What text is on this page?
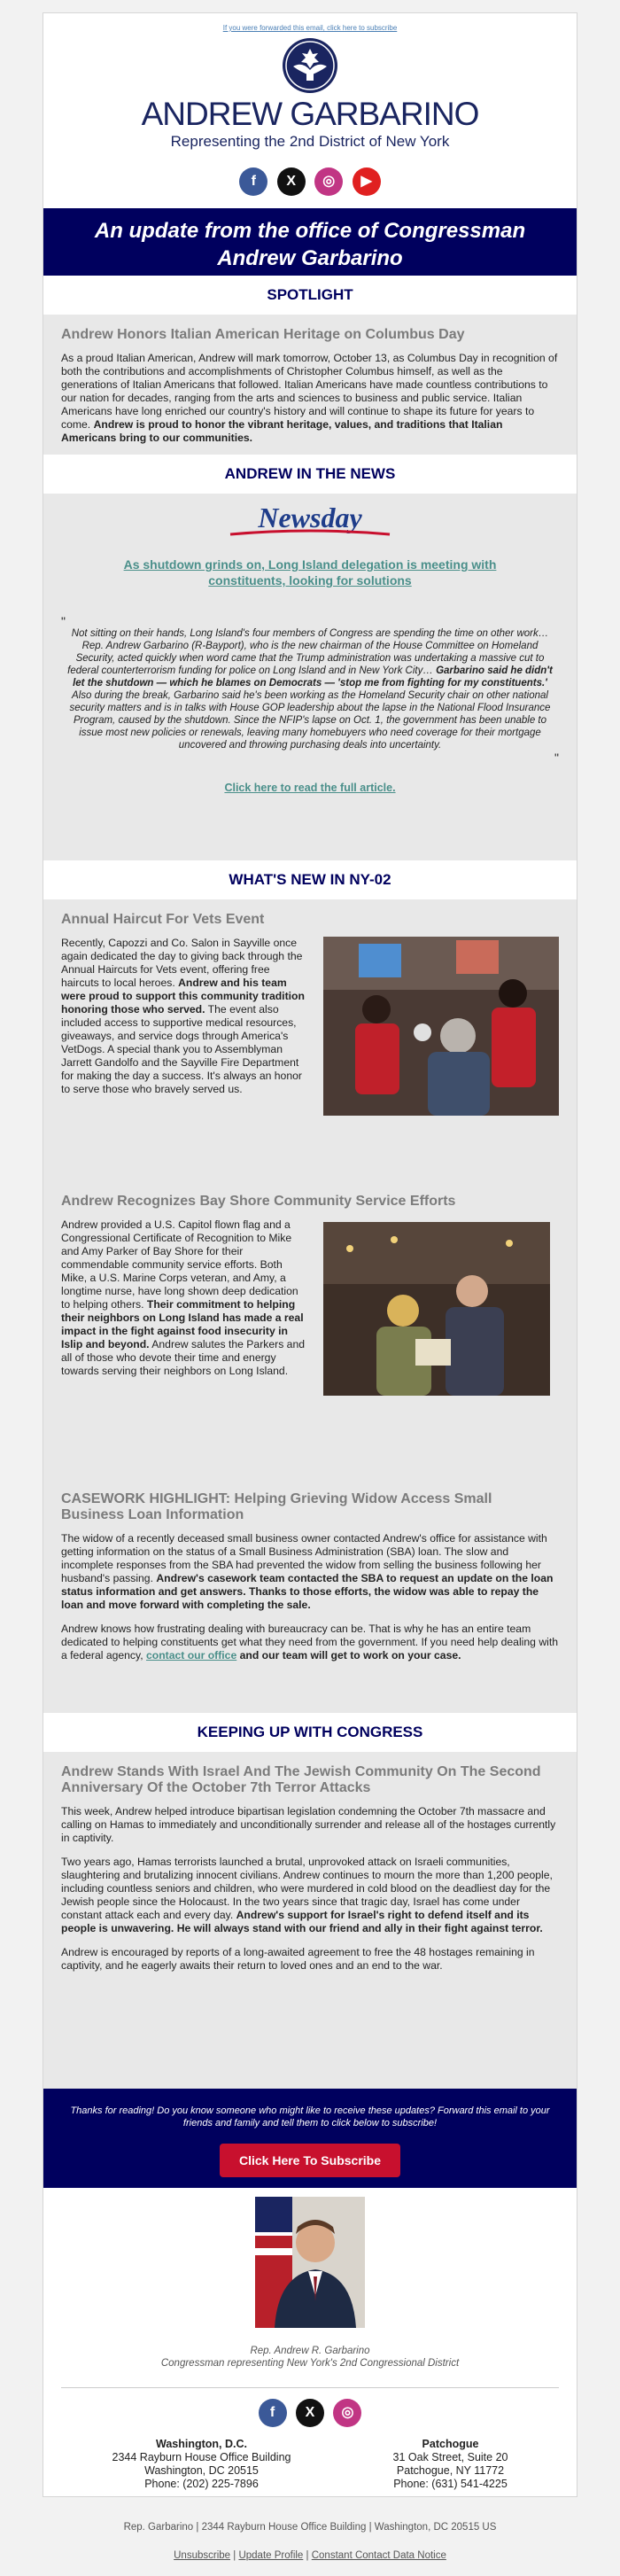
If you were forwarded this email, click here to subscribe
ANDREW GARBARINO
Representing the 2nd District of New York
f X ◎ ▶
An update from the office of Congressman Andrew Garbarino
SPOTLIGHT
Andrew Honors Italian American Heritage on Columbus Day

As a proud Italian American, Andrew will mark tomorrow, October 13, as Columbus Day in recognition of both the contributions and accomplishments of Christopher Columbus himself, as well as the generations of Italian Americans that followed. Italian Americans have made countless contributions to our nation for decades, ranging from the arts and sciences to business and public service. Italian Americans have long enriched our country's history and will continue to shape its future for years to come. Andrew is proud to honor the vibrant heritage, values, and traditions that Italian Americans bring to our communities.

ANDREW IN THE NEWS
Newsday
As shutdown grinds on, Long Island delegation is meeting with constituents, looking for solutions
"

Not sitting on their hands, Long Island's four members of Congress are spending the time on other work… Rep. Andrew Garbarino (R-Bayport), who is the new chairman of the House Committee on Homeland Security, acted quickly when word came that the Trump administration was undertaking a massive cut to federal counterterrorism funding for police on Long Island and in New York City… Garbarino said he didn't let the shutdown — which he blames on Democrats — 'stop me from fighting for my constituents.' Also during the break, Garbarino said he's been working as the Homeland Security chair on other national security matters and is in talks with House GOP leadership about the lapse in the National Flood Insurance Program, caused by the shutdown. Since the NFIP's lapse on Oct. 1, the government has been unable to issue most new policies or renewals, leaving many homebuyers who need coverage for their mortgage uncovered and throwing purchasing deals into uncertainty.

"
Click here to read the full article.
WHAT'S NEW IN NY-02
Annual Haircut For Vets Event

Recently, Capozzi and Co. Salon in Sayville once again dedicated the day to giving back through the Annual Haircuts for Vets event, offering free haircuts to local heroes. Andrew and his team were proud to support this community tradition honoring those who served. The event also included access to supportive medical resources, giveaways, and service dogs through America's VetDogs. A special thank you to Assemblyman Jarrett Gandolfo and the Sayville Fire Department for making the day a success. It's always an honor to serve those who bravely served us.

Andrew Recognizes Bay Shore Community Service Efforts

Andrew provided a U.S. Capitol flown flag and a Congressional Certificate of Recognition to Mike and Amy Parker of Bay Shore for their commendable community service efforts. Both Mike, a U.S. Marine Corps veteran, and Amy, a longtime nurse, have long shown deep dedication to helping others. Their commitment to helping their neighbors on Long Island has made a real impact in the fight against food insecurity in Islip and beyond. Andrew salutes the Parkers and all of those who devote their time and energy towards serving their neighbors on Long Island.

CASEWORK HIGHLIGHT: Helping Grieving Widow Access Small Business Loan Information

The widow of a recently deceased small business owner contacted Andrew's office for assistance with getting information on the status of a Small Business Administration (SBA) loan. The slow and incomplete responses from the SBA had prevented the widow from selling the business following her husband's passing. Andrew's casework team contacted the SBA to request an update on the loan status information and get answers. Thanks to those efforts, the widow was able to repay the loan and move forward with completing the sale.

Andrew knows how frustrating dealing with bureaucracy can be. That is why he has an entire team dedicated to helping constituents get what they need from the government. If you need help dealing with a federal agency, contact our office and our team will get to work on your case.

KEEPING UP WITH CONGRESS
Andrew Stands With Israel And The Jewish Community On The Second Anniversary Of the October 7th Terror Attacks

This week, Andrew helped introduce bipartisan legislation condemning the October 7th massacre and calling on Hamas to immediately and unconditionally surrender and release all of the hostages currently in captivity.

Two years ago, Hamas terrorists launched a brutal, unprovoked attack on Israeli communities, slaughtering and brutalizing innocent civilians. Andrew continues to mourn the more than 1,200 people, including countless seniors and children, who were murdered in cold blood on the deadliest day for the Jewish people since the Holocaust. In the two years since that tragic day, Israel has come under constant attack each and every day. Andrew's support for Israel's right to defend itself and its people is unwavering. He will always stand with our friend and ally in their fight against terror.

Andrew is encouraged by reports of a long-awaited agreement to free the 48 hostages remaining in captivity, and he eagerly awaits their return to loved ones and an end to the war.

Thanks for reading! Do you know someone who might like to receive these updates? Forward this email to your friends and family and tell them to click below to subscribe!

Click Here To Subscribe
Rep. Andrew R. Garbarino
Congressman representing New York's 2nd Congressional District
f X ◎
Washington, D.C.
2344 Rayburn House Office Building
Washington, DC 20515
Phone: (202) 225-7896
Patchogue
31 Oak Street, Suite 20
Patchogue, NY 11772
Phone: (631) 541-4225
Rep. Garbarino | 2344 Rayburn House Office Building | Washington, DC 20515 US
Unsubscribe | Update Profile | Constant Contact Data Notice
